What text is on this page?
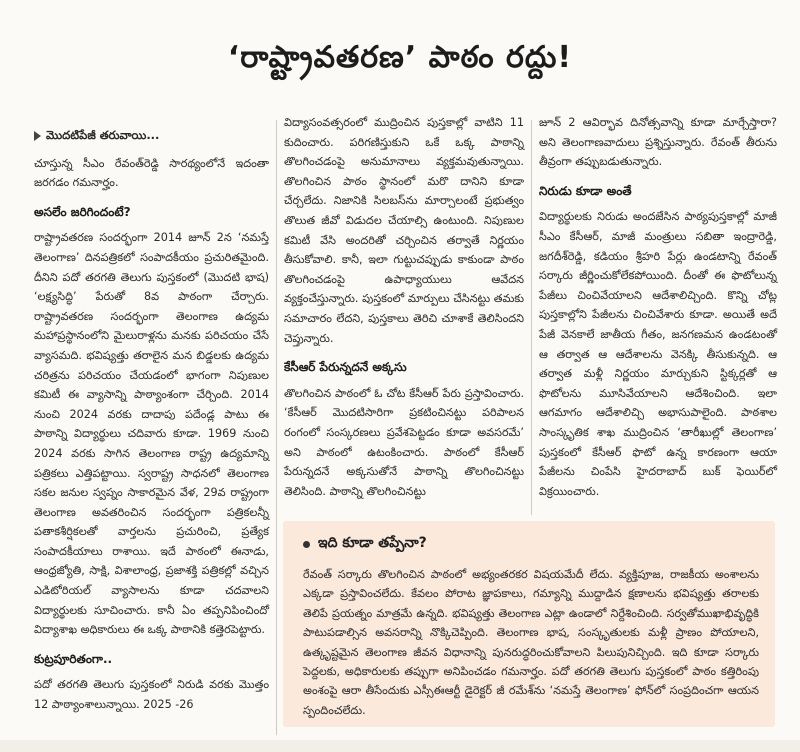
‘రాష్ట్రావతరణ’ పాఠం రద్దు!
మొదటిపేజీ తరువాయి...

చూస్తున్న సీఎం రేవంత్‌రెడ్డి సారథ్యంలోనే ఇదంతా జరగడం గమనార్హం.

అసలేం జరిగిందంటే?

రాష్ట్రావతరణ సందర్భంగా 2014 జూన్ 2న ‘నమస్తే తెలంగాణ’ దినపత్రికలో సంపాదకీయం ప్రచురితమైంది. దీనిని పదో తరగతి తెలుగు పుస్తకంలో (మొదటి భాష) ‘లక్ష్యసిద్ధి’ పేరుతో 8వ పాఠంగా చేర్చారు. రాష్ట్రావతరణ సందర్భంగా తెలంగాణ ఉద్యమ మహాప్రస్థానంలోని మైలురాళ్లను మనకు పరిచయం చేసే వ్యాసమది. భవిష్యత్తు తరాలైన మన బిడ్డలకు ఉద్యమ చరిత్రను పరిచయం చేయడంలో భాగంగా నిపుణుల కమిటీ ఈ వ్యాసాన్ని పాఠ్యాంశంగా చేర్చింది. 2014 నుంచి 2024 వరకు దాదాపు పదేండ్ల పాటు ఈ పాఠాన్ని విద్యార్థులు చదివారు కూడా. 1969 నుంచి 2024 వరకు సాగిన తెలంగాణ రాష్ట్ర ఉద్యమాన్ని పత్రికలు ఎత్తిపట్టాయి. స్వరాష్ట్ర సాధనలో తెలంగాణ సకల జనుల స్వప్నం సాకారమైన వేళ, 29వ రాష్ట్రంగా తెలంగాణ అవతరించిన సందర్భంగా పత్రికలన్నీ పతాకశీర్షికలతో వార్తలను ప్రచురించి, ప్రత్యేక సంపాదకీయాలు రాశాయి. ఇదే పాఠంలో ఈనాడు, ఆంధ్రజ్యోతి, సాక్షి, విశాలాంధ్ర, ప్రజాశక్తి పత్రికల్లో వచ్చిన ఎడిటోరియల్ వ్యాసాలను కూడా చదవాలని విద్యార్థులకు సూచించారు. కానీ ఏం తప్పనిపించిందో విద్యాశాఖ అధికారులు ఈ ఒక్క పాఠానికి కత్తెరపెట్టారు.

కుట్రపూరితంగా..

పదో తరగతి తెలుగు పుస్తకంలో నిరుడి వరకు మొత్తం 12 పాఠ్యాంశాలున్నాయి. 2025 -26

విద్యాసంవత్సరంలో ముద్రించిన పుస్తకాల్లో వాటిని 11 కుదించారు. పరిగణిస్తుకుని ఒకే ఒక్క పాఠాన్ని తొలగించడంపై అనుమానాలు వ్యక్తమవుతున్నాయి. తొలగించిన పాఠం స్థానంలో మరొ దానిని కూడా చేర్చలేదు. నిజానికి సిలబస్‌ను మార్చాలంటే ప్రభుత్వం తొలుత జీవో విడుదల చేయాల్సి ఉంటుంది. నిపుణుల కమిటీ వేసి అందరితో చర్చించిన తర్వాతే నిర్ణయం తీసుకోవాలి. కానీ, ఇలా గుట్టుచప్పుడు కాకుండా పాఠం తొలగించడంపై ఉపాధ్యాయులు ఆవేదన వ్యక్తంచేస్తున్నారు. పుస్తకంలో మార్పులు చేసినట్టు తమకు సమాచారం లేదని, పుస్తకాలు తెరిచి చూశాకే తెలిసిందని చెప్తున్నారు.

కేసీఆర్ పేరున్నదనే అక్కసు

తొలగించిన పాఠంలో ఓ చోట కేసీఆర్ పేరు ప్రస్తావించారు. ‘కేసీఆర్ మొదటిసారిగా ప్రకటించినట్టు పరిపాలన రంగంలో సంస్కరణలు ప్రవేశపెట్టడం కూడా అవసరమే’ అని పాఠంలో ఉటంకించారు. పాఠంలో కేసీఆర్ పేరున్నదనే అక్కసుతోనే పాఠాన్ని తొలగించినట్టు తెలిసింది. పాఠాన్ని తొలగించినట్టు

జూన్ 2 ఆవిర్భావ దినోత్సవాన్ని కూడా మార్చేస్తారా? అని తెలంగాణవాదులు ప్రశ్నిస్తున్నారు. రేవంత్ తీరును తీవ్రంగా తప్పుబడుతున్నారు.

నిరుడు కూడా అంతే

విద్యార్థులకు నిరుడు అందజేసిన పాఠ్యపుస్తకాల్లో మాజీ సీఎం కేసీఆర్, మాజీ మంత్రులు సబితా ఇంద్రారెడ్డి, జగదీశ్‌రెడ్డి, కడియం శ్రీహరి పేర్లు ఉండటాన్ని రేవంత్ సర్కారు జీర్ణించుకోలేకపోయింది. దీంతో ఈ ఫొటోలున్న పేజీలు చించివేయాలని ఆదేశాలిచ్చింది. కొన్ని చోట్ల పుస్తకాల్లోని పేజీలను చించివేశారు కూడా. అయితే అదే పేజీ వెనకాలే జాతీయ గీతం, జనగణమన ఉండటంతో ఆ తర్వాత ఆ ఆదేశాలను వెనక్కి తీసుకున్నది. ఆ తర్వాత మళ్లీ నిర్ణయం మార్చుకుని స్టిక్కర్లతో ఆ ఫొటోలను మూసివేయాలని ఆదేశించింది. ఇలా ఆగమాగం ఆదేశాలిచ్చి అభాసుపాలైంది. పాఠశాల సాంస్కృతిక శాఖ ముద్రించిన ‘తారీఖుల్లో తెలంగాణ’ పుస్తకంలో కేసీఆర్ ఫొటో ఉన్న కారణంగా ఆయా పేజీలను చింపేసి హైదరాబాద్ బుక్ ఫెయిర్‌లో విక్రయించారు.

ఇది కూడా తప్పేనా?
రేవంత్ సర్కారు తొలగించిన పాఠంలో అభ్యంతరకర విషయమేదీ లేదు. వ్యక్తిపూజ, రాజకీయ అంశాలను ఎక్కడా ప్రస్తావించలేదు. కేవలం పోరాట జ్ఞాపకాలు, గమ్యాన్ని ముద్దాడిన క్షణాలను భవిష్యత్తు తరాలకు తెలిపే ప్రయత్నం మాత్రమే ఉన్నది. భవిష్యత్తు తెలంగాణ ఎట్లా ఉండాలో నిర్దేశించింది. సర్వతోముఖాభివృద్ధికి పాటుపడాల్సిన అవసరాన్ని నొక్కిచెప్పింది. తెలంగాణ భాష, సంస్కృతులకు మళ్లీ ప్రాణం పోయాలని, ఉత్కృష్టమైన తెలంగాణ జీవన విధానాన్ని పునరుద్ధరించుకోవాలని పిలుపునిచ్చింది. ఇది కూడా సర్కారు పెద్దలకు, అధికారులకు తప్పుగా అనిపించడం గమనార్హం. పదో తరగతి తెలుగు పుస్తకంలో పాఠం కత్తిరింపు అంశంపై ఆరా తీసేందుకు ఎస్సీఈఆర్టీ డైరెక్టర్ జీ రమేశ్‌ను ‘నమస్తే తెలంగాణ’ ఫోన్‌లో సంప్రదించగా ఆయన స్పందించలేదు.
